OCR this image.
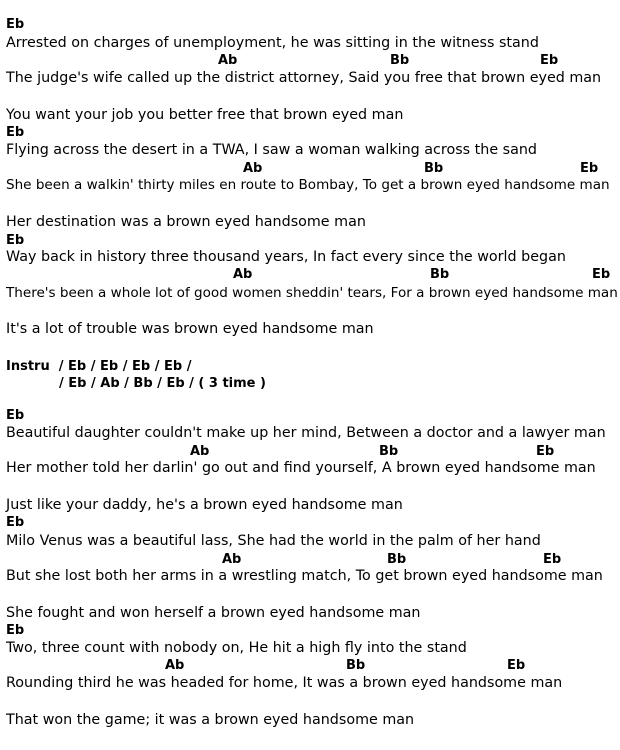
Eb
Arrested on charges of unemployment, he was sitting in the witness stand
Ab	Bb	Eb
The judge's wife called up the district attorney, Said you free that brown eyed man
You want your job you better free that brown eyed man
Eb
Flying across the desert in a TWA, I saw a woman walking across the sand
Ab	Bb	Eb
She been a walkin' thirty miles en route to Bombay, To get a brown eyed handsome man
Her destination was a brown eyed handsome man
Eb
Way back in history three thousand years, In fact every since the world began
Ab	Bb	Eb
There's been a whole lot of good women sheddin' tears, For a brown eyed handsome man
It's a lot of trouble was brown eyed handsome man
Instru  / Eb / Eb / Eb / Eb /
/ Eb / Ab / Bb / Eb / ( 3 time )
Eb
Beautiful daughter couldn't make up her mind, Between a doctor and a lawyer man
Ab	Bb	Eb
Her mother told her darlin' go out and find yourself, A brown eyed handsome man
Just like your daddy, he's a brown eyed handsome man
Eb
Milo Venus was a beautiful lass, She had the world in the palm of her hand
Ab	Bb	Eb
But she lost both her arms in a wrestling match, To get brown eyed handsome man
She fought and won herself a brown eyed handsome man
Eb
Two, three count with nobody on, He hit a high fly into the stand
Ab	Bb	Eb
Rounding third he was headed for home, It was a brown eyed handsome man
That won the game; it was a brown eyed handsome man
